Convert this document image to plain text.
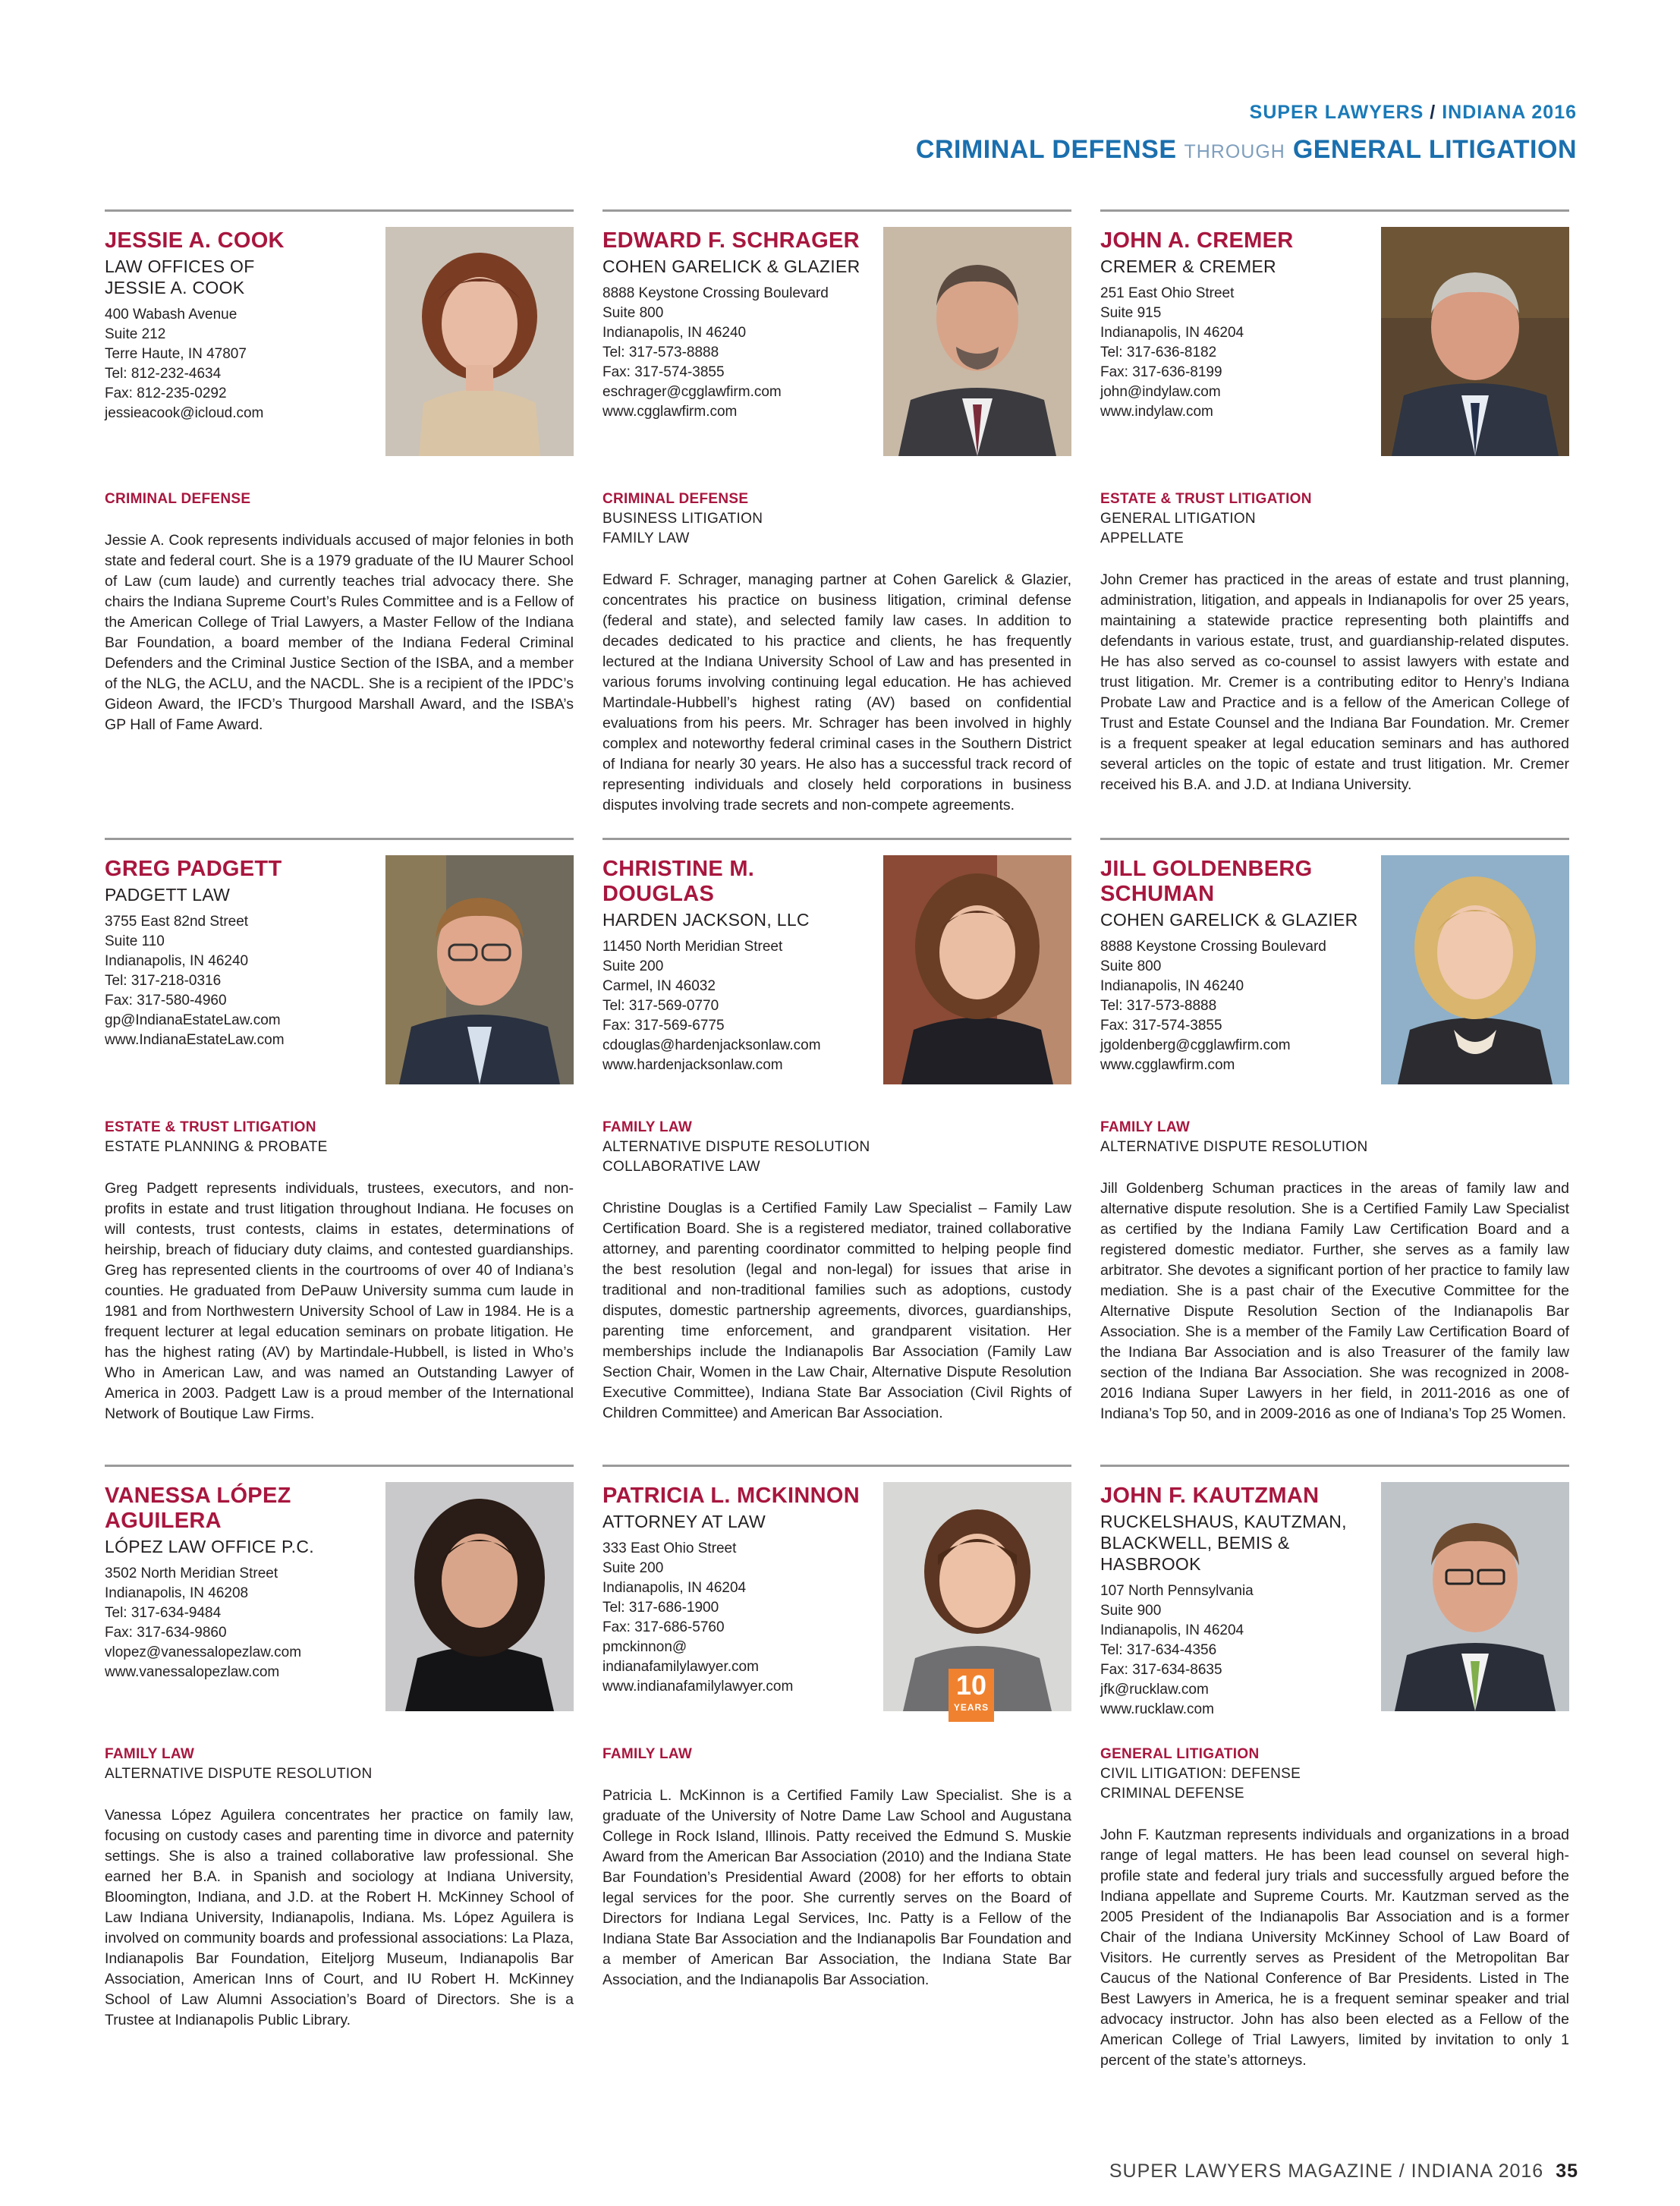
SUPER LAWYERS / INDIANA 2016
CRIMINAL DEFENSE THROUGH GENERAL LITIGATION
JESSIE A. COOK
LAW OFFICES OF
JESSIE A. COOK
400 Wabash Avenue
Suite 212
Terre Haute, IN 47807
Tel: 812-232-4634
Fax: 812-235-0292
jessieacook@icloud.com
CRIMINAL DEFENSE
Jessie A. Cook represents individuals accused of major felonies in both state and federal court. She is a 1979 graduate of the IU Maurer School of Law (cum laude) and currently teaches trial advocacy there. She chairs the Indiana Supreme Court’s Rules Committee and is a Fellow of the American College of Trial Lawyers, a Master Fellow of the Indiana Bar Foundation, a board member of the Indiana Federal Criminal Defenders and the Criminal Justice Section of the ISBA, and a member of the NLG, the ACLU, and the NACDL. She is a recipient of the IPDC’s Gideon Award, the IFCD’s Thurgood Marshall Award, and the ISBA’s GP Hall of Fame Award.
EDWARD F. SCHRAGER
COHEN GARELICK & GLAZIER
8888 Keystone Crossing Boulevard
Suite 800
Indianapolis, IN 46240
Tel: 317-573-8888
Fax: 317-574-3855
eschrager@cgglawfirm.com
www.cgglawfirm.com
CRIMINAL DEFENSE
BUSINESS LITIGATION
FAMILY LAW
Edward F. Schrager, managing partner at Cohen Garelick & Glazier, concentrates his practice on business litigation, criminal defense (federal and state), and selected family law cases. In addition to decades dedicated to his practice and clients, he has frequently lectured at the Indiana University School of Law and has presented in various forums involving continuing legal education. He has achieved Martindale-Hubbell’s highest rating (AV) based on confidential evaluations from his peers. Mr. Schrager has been involved in highly complex and noteworthy federal criminal cases in the Southern District of Indiana for nearly 30 years. He also has a successful track record of representing individuals and closely held corporations in business disputes involving trade secrets and non-compete agreements.
JOHN A. CREMER
CREMER & CREMER
251 East Ohio Street
Suite 915
Indianapolis, IN 46204
Tel: 317-636-8182
Fax: 317-636-8199
john@indylaw.com
www.indylaw.com
ESTATE & TRUST LITIGATION
GENERAL LITIGATION
APPELLATE
John Cremer has practiced in the areas of estate and trust planning, administration, litigation, and appeals in Indianapolis for over 25 years, maintaining a statewide practice representing both plaintiffs and defendants in various estate, trust, and guardianship-related disputes. He has also served as co-counsel to assist lawyers with estate and trust litigation. Mr. Cremer is a contributing editor to Henry’s Indiana Probate Law and Practice and is a fellow of the American College of Trust and Estate Counsel and the Indiana Bar Foundation. Mr. Cremer is a frequent speaker at legal education seminars and has authored several articles on the topic of estate and trust litigation. Mr. Cremer received his B.A. and J.D. at Indiana University.
GREG PADGETT
PADGETT LAW
3755 East 82nd Street
Suite 110
Indianapolis, IN 46240
Tel: 317-218-0316
Fax: 317-580-4960
gp@IndianaEstateLaw.com
www.IndianaEstateLaw.com
ESTATE & TRUST LITIGATION
ESTATE PLANNING & PROBATE
Greg Padgett represents individuals, trustees, executors, and non-profits in estate and trust litigation throughout Indiana. He focuses on will contests, trust contests, claims in estates, determinations of heirship, breach of fiduciary duty claims, and contested guardianships. Greg has represented clients in the courtrooms of over 40 of Indiana’s counties. He graduated from DePauw University summa cum laude in 1981 and from Northwestern University School of Law in 1984. He is a frequent lecturer at legal education seminars on probate litigation. He has the highest rating (AV) by Martindale-Hubbell, is listed in Who’s Who in American Law, and was named an Outstanding Lawyer of America in 2003. Padgett Law is a proud member of the International Network of Boutique Law Firms.
CHRISTINE M.
DOUGLAS
HARDEN JACKSON, LLC
11450 North Meridian Street
Suite 200
Carmel, IN 46032
Tel: 317-569-0770
Fax: 317-569-6775
cdouglas@hardenjacksonlaw.com
www.hardenjacksonlaw.com
FAMILY LAW
ALTERNATIVE DISPUTE RESOLUTION
COLLABORATIVE LAW
Christine Douglas is a Certified Family Law Specialist – Family Law Certification Board. She is a registered mediator, trained collaborative attorney, and parenting coordinator committed to helping people find the best resolution (legal and non-legal) for issues that arise in traditional and non-traditional families such as adoptions, custody disputes, domestic partnership agreements, divorces, guardianships, parenting time enforcement, and grandparent visitation. Her memberships include the Indianapolis Bar Association (Family Law Section Chair, Women in the Law Chair, Alternative Dispute Resolution Executive Committee), Indiana State Bar Association (Civil Rights of Children Committee) and American Bar Association.
JILL GOLDENBERG
SCHUMAN
COHEN GARELICK & GLAZIER
8888 Keystone Crossing Boulevard
Suite 800
Indianapolis, IN 46240
Tel: 317-573-8888
Fax: 317-574-3855
jgoldenberg@cgglawfirm.com
www.cgglawfirm.com
FAMILY LAW
ALTERNATIVE DISPUTE RESOLUTION
Jill Goldenberg Schuman practices in the areas of family law and alternative dispute resolution. She is a Certified Family Law Specialist as certified by the Indiana Family Law Certification Board and a registered domestic mediator. Further, she serves as a family law arbitrator. She devotes a significant portion of her practice to family law mediation. She is a past chair of the Executive Committee for the Alternative Dispute Resolution Section of the Indianapolis Bar Association. She is a member of the Family Law Certification Board of the Indiana Bar Association and is also Treasurer of the family law section of the Indiana Bar Association. She was recognized in 2008-2016 Indiana Super Lawyers in her field, in 2011-2016 as one of Indiana’s Top 50, and in 2009-2016 as one of Indiana’s Top 25 Women.
VANESSA LÓPEZ
AGUILERA
LÓPEZ LAW OFFICE P.C.
3502 North Meridian Street
Indianapolis, IN 46208
Tel: 317-634-9484
Fax: 317-634-9860
vlopez@vanessalopezlaw.com
www.vanessalopezlaw.com
FAMILY LAW
ALTERNATIVE DISPUTE RESOLUTION
Vanessa López Aguilera concentrates her practice on family law, focusing on custody cases and parenting time in divorce and paternity settings. She is also a trained collaborative law professional. She earned her B.A. in Spanish and sociology at Indiana University, Bloomington, Indiana, and J.D. at the Robert H. McKinney School of Law Indiana University, Indianapolis, Indiana. Ms. López Aguilera is involved on community boards and professional associations: La Plaza, Indianapolis Bar Foundation, Eiteljorg Museum, Indianapolis Bar Association, American Inns of Court, and IU Robert H. McKinney School of Law Alumni Association’s Board of Directors. She is a Trustee at Indianapolis Public Library.
PATRICIA L. MCKINNON
ATTORNEY AT LAW
333 East Ohio Street
Suite 200
Indianapolis, IN 46204
Tel: 317-686-1900
Fax: 317-686-5760
pmckinnon@
indianafamilylawyer.com
www.indianafamilylawyer.com	10
YEARS
FAMILY LAW
Patricia L. McKinnon is a Certified Family Law Specialist. She is a graduate of the University of Notre Dame Law School and Augustana College in Rock Island, Illinois. Patty received the Edmund S. Muskie Award from the American Bar Association (2010) and the Indiana State Bar Foundation’s Presidential Award (2008) for her efforts to obtain legal services for the poor. She currently serves on the Board of Directors for Indiana Legal Services, Inc. Patty is a Fellow of the Indiana State Bar Association and the Indianapolis Bar Foundation and a member of American Bar Association, the Indiana State Bar Association, and the Indianapolis Bar Association.
JOHN F. KAUTZMAN
RUCKELSHAUS, KAUTZMAN,
BLACKWELL, BEMIS &
HASBROOK
107 North Pennsylvania
Suite 900
Indianapolis, IN 46204
Tel: 317-634-4356
Fax: 317-634-8635
jfk@rucklaw.com
www.rucklaw.com
GENERAL LITIGATION
CIVIL LITIGATION: DEFENSE
CRIMINAL DEFENSE
John F. Kautzman represents individuals and organizations in a broad range of legal matters. He has been lead counsel on several high-profile state and federal jury trials and successfully argued before the Indiana appellate and Supreme Courts. Mr. Kautzman served as the 2005 President of the Indianapolis Bar Association and is a former Chair of the Indiana University McKinney School of Law Board of Visitors. He currently serves as President of the Metropolitan Bar Caucus of the National Conference of Bar Presidents. Listed in The Best Lawyers in America, he is a frequent seminar speaker and trial advocacy instructor. John has also been elected as a Fellow of the American College of Trial Lawyers, limited by invitation to only 1 percent of the state’s attorneys.
SUPER LAWYERS MAGAZINE / INDIANA 2016 35
